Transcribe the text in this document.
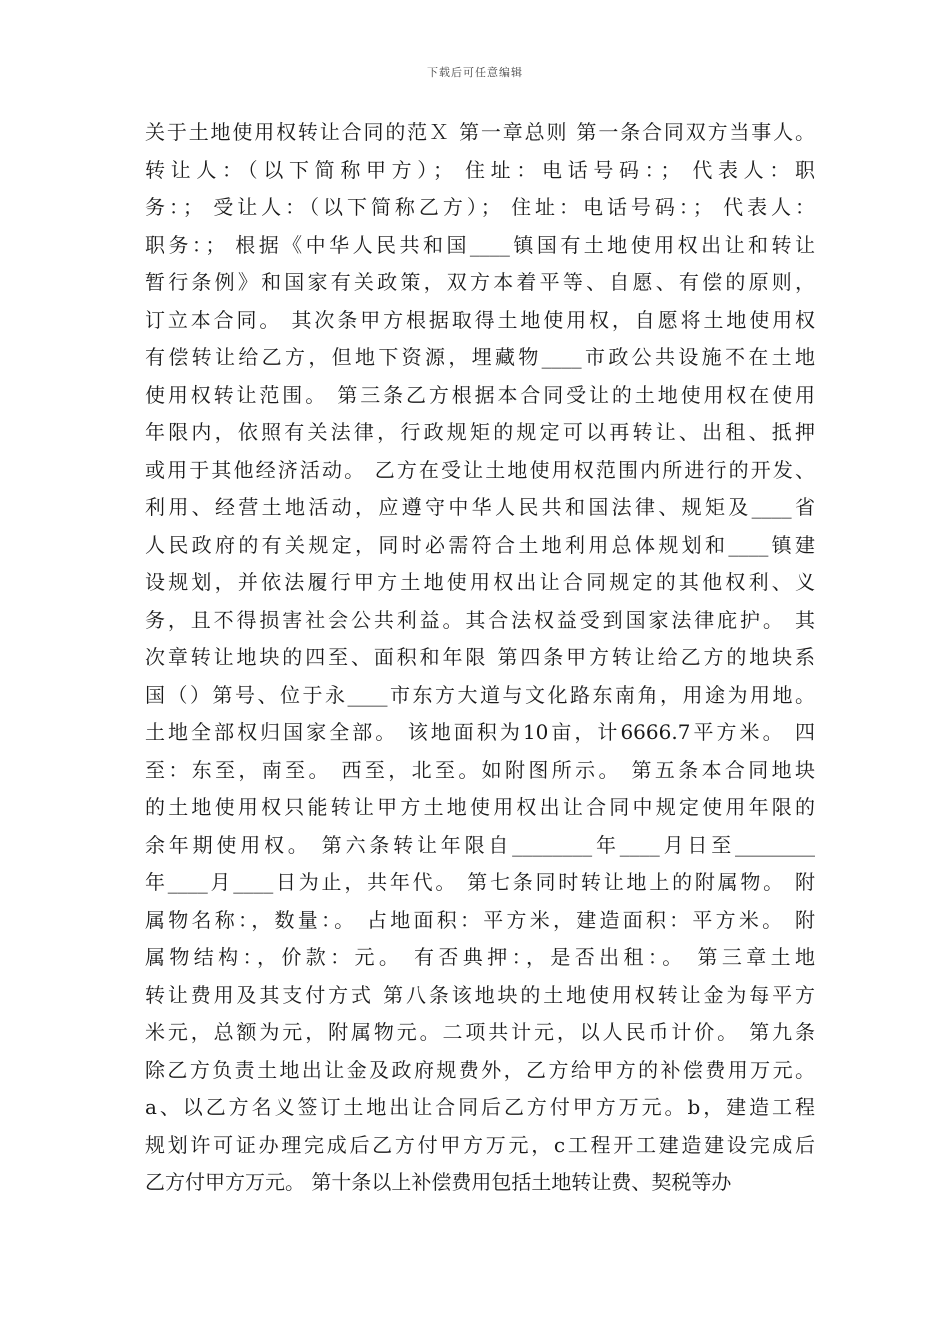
下载后可任意编辑
关于土地使用权转让合同的范Ｘ 第一章总则 第一条合同双方当事人。
转让人：（以下简称甲方）； 住址：电话号码：； 代表人：职
务：； 受让人：（以下简称乙方）； 住址：电话号码：； 代表人：
职务：； 根据《中华人民共和国____镇国有土地使用权出让和转让
暂行条例》和国家有关政策，双方本着平等、自愿、有偿的原则，
订立本合同。 其次条甲方根据取得土地使用权，自愿将土地使用权
有偿转让给乙方，但地下资源，埋藏物____市政公共设施不在土地
使用权转让范围。 第三条乙方根据本合同受让的土地使用权在使用
年限内，依照有关法律，行政规矩的规定可以再转让、出租、抵押
或用于其他经济活动。 乙方在受让土地使用权范围内所进行的开发、
利用、经营土地活动，应遵守中华人民共和国法律、规矩及____省
人民政府的有关规定，同时必需符合土地利用总体规划和____镇建
设规划，并依法履行甲方土地使用权出让合同规定的其他权利、义
务，且不得损害社会公共利益。其合法权益受到国家法律庇护。 其
次章转让地块的四至、面积和年限 第四条甲方转让给乙方的地块系
国（）第号、位于永____市东方大道与文化路东南角，用途为用地。
土地全部权归国家全部。 该地面积为10亩，计6666.7平方米。 四
至：东至，南至。 西至，北至。如附图所示。 第五条本合同地块
的土地使用权只能转让甲方土地使用权出让合同中规定使用年限的
余年期使用权。 第六条转让年限自________年____月日至________
年____月____日为止，共年代。 第七条同时转让地上的附属物。 附
属物名称：，数量：。 占地面积：平方米，建造面积：平方米。 附
属物结构：，价款：元。 有否典押：，是否出租：。 第三章土地
转让费用及其支付方式 第八条该地块的土地使用权转让金为每平方
米元，总额为元，附属物元。二项共计元，以人民币计价。 第九条
除乙方负责土地出让金及政府规费外，乙方给甲方的补偿费用万元。
a、以乙方名义签订土地出让合同后乙方付甲方万元。b，建造工程
规划许可证办理完成后乙方付甲方万元，c工程开工建造建设完成后
乙方付甲方万元。 第十条以上补偿费用包括土地转让费、契税等办
